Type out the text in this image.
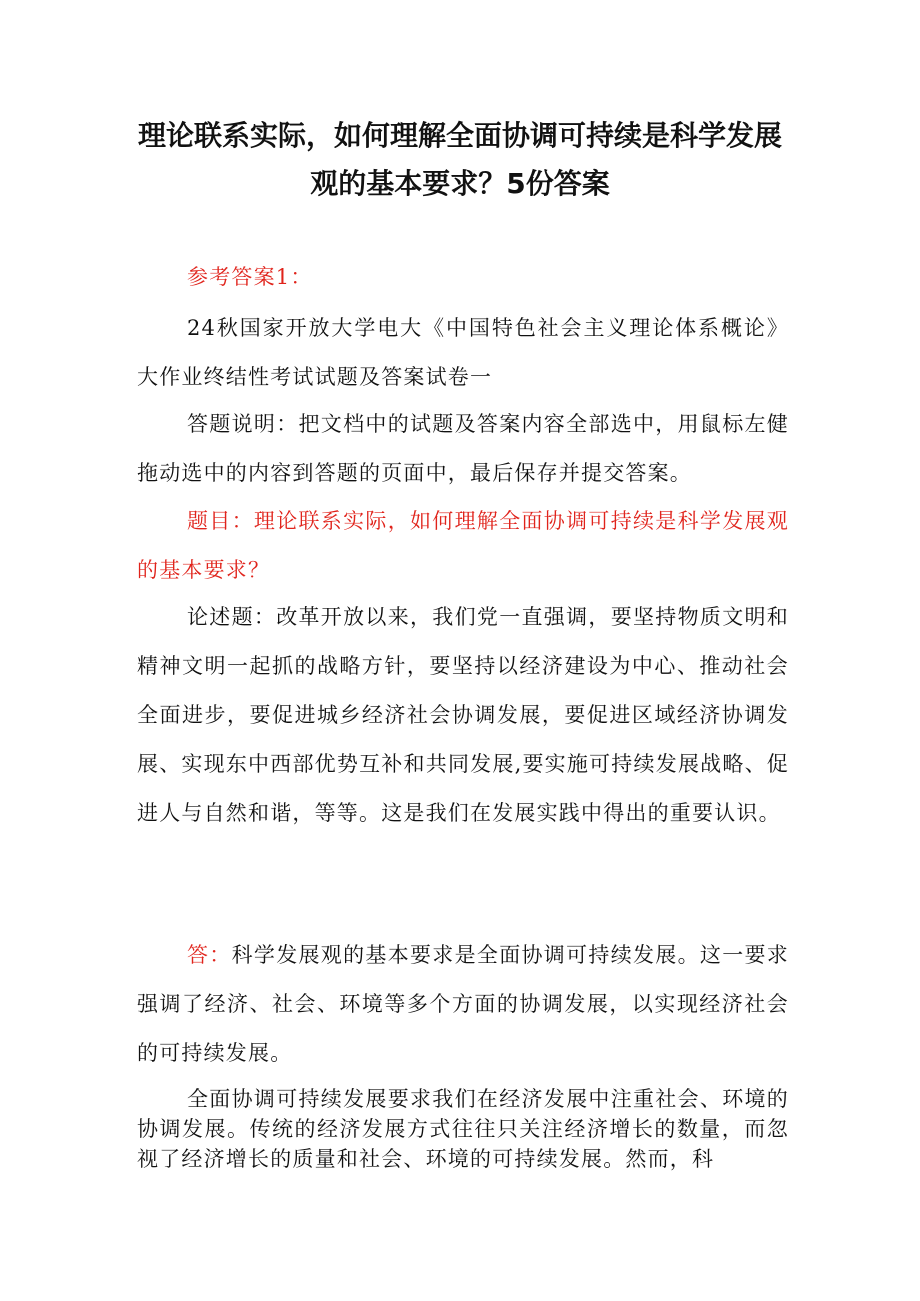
理论联系实际，如何理解全面协调可持续是科学发展
观的基本要求？5份答案
参考答案1：
24秋国家开放大学电大《中国特色社会主义理论体系概论》大作业终结性考试试题及答案试卷一
答题说明：把文档中的试题及答案内容全部选中，用鼠标左健拖动选中的内容到答题的页面中，最后保存并提交答案。
题目：理论联系实际，如何理解全面协调可持续是科学发展观的基本要求？
论述题：改革开放以来，我们党一直强调，要坚持物质文明和精神文明一起抓的战略方针，要坚持以经济建设为中心、推动社会全面进步，要促进城乡经济社会协调发展，要促进区域经济协调发展、实现东中西部优势互补和共同发展,要实施可持续发展战略、促进人与自然和谐，等等。这是我们在发展实践中得出的重要认识。
答：科学发展观的基本要求是全面协调可持续发展。这一要求强调了经济、社会、环境等多个方面的协调发展，以实现经济社会的可持续发展。
全面协调可持续发展要求我们在经济发展中注重社会、环境的协调发展。传统的经济发展方式往往只关注经济增长的数量，而忽视了经济增长的质量和社会、环境的可持续发展。然而，科
